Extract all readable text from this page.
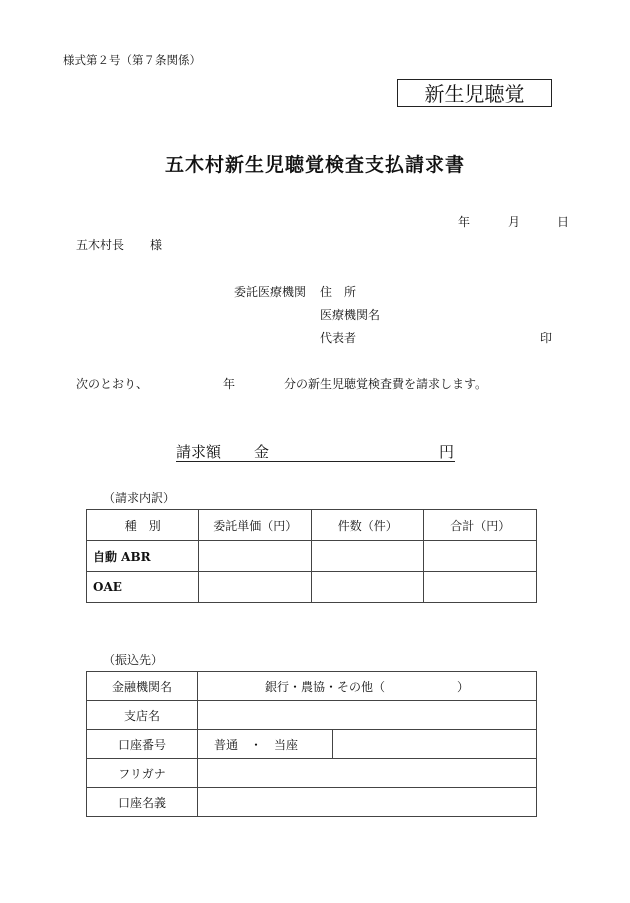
様式第２号（第７条関係）
新生児聴覚
五木村新生児聴覚検査支払請求書
年	月	日
五木村長 様
委託医療機関 住　所
医療機関名
代表者	印
次のとおり、	年	分の新生児聴覚検査費を請求します。
請求額 金	円
（請求内訳）
種　別	委託単価（円）	件数（件）	合計（円）
自動 ABR			
OAE			
（振込先）
金融機関名	銀行・農協・その他（　　　　　　）	
支店名		
口座番号	普通　・　当座	
フリガナ		
口座名義		
